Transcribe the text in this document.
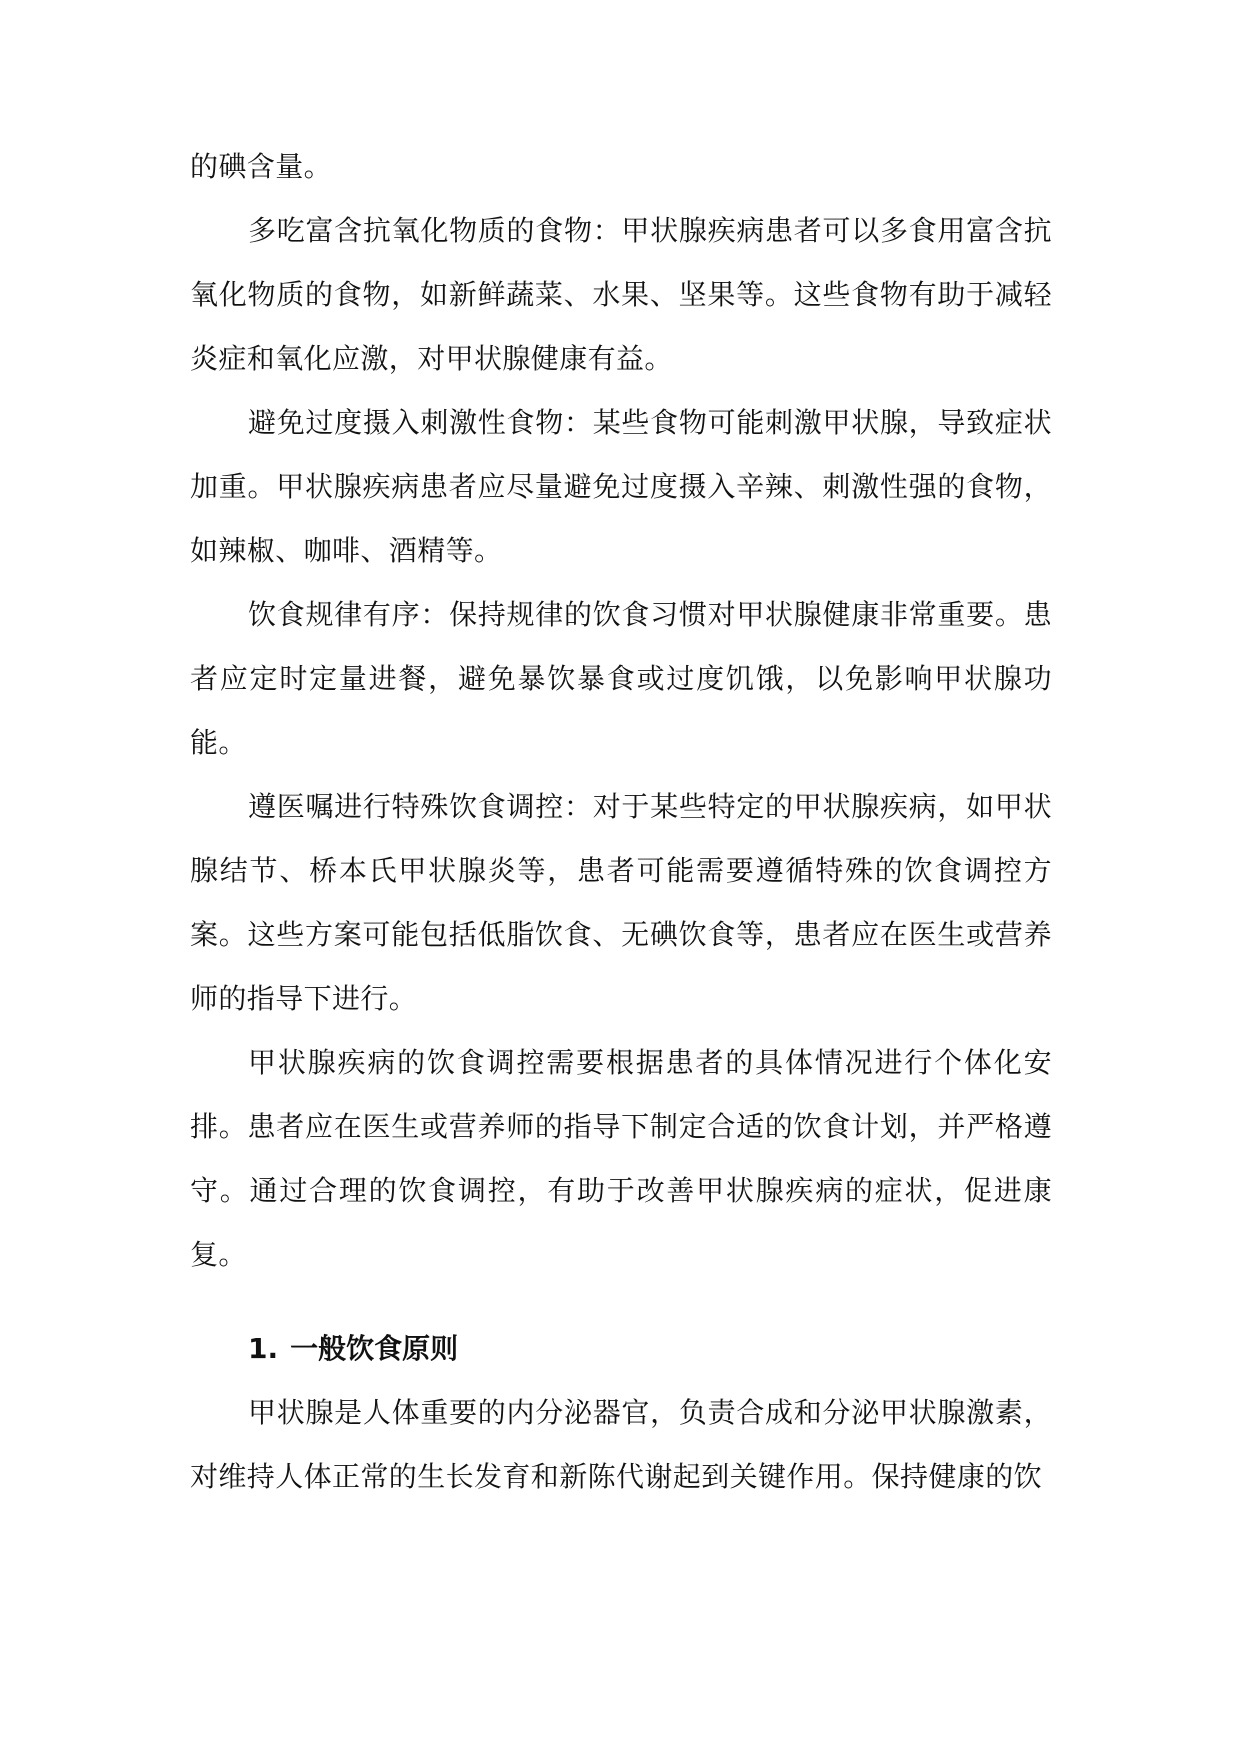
的碘含量。

多吃富含抗氧化物质的食物：甲状腺疾病患者可以多食用富含抗氧化物质的食物，如新鲜蔬菜、水果、坚果等。这些食物有助于减轻炎症和氧化应激，对甲状腺健康有益。

避免过度摄入刺激性食物：某些食物可能刺激甲状腺，导致症状加重。甲状腺疾病患者应尽量避免过度摄入辛辣、刺激性强的食物，如辣椒、咖啡、酒精等。

饮食规律有序：保持规律的饮食习惯对甲状腺健康非常重要。患者应定时定量进餐，避免暴饮暴食或过度饥饿，以免影响甲状腺功能。

遵医嘱进行特殊饮食调控：对于某些特定的甲状腺疾病，如甲状腺结节、桥本氏甲状腺炎等，患者可能需要遵循特殊的饮食调控方案。这些方案可能包括低脂饮食、无碘饮食等，患者应在医生或营养师的指导下进行。

甲状腺疾病的饮食调控需要根据患者的具体情况进行个体化安排。患者应在医生或营养师的指导下制定合适的饮食计划，并严格遵守。通过合理的饮食调控，有助于改善甲状腺疾病的症状，促进康复。

1. 一般饮食原则

甲状腺是人体重要的内分泌器官，负责合成和分泌甲状腺激素，对维持人体正常的生长发育和新陈代谢起到关键作用。保持健康的饮
